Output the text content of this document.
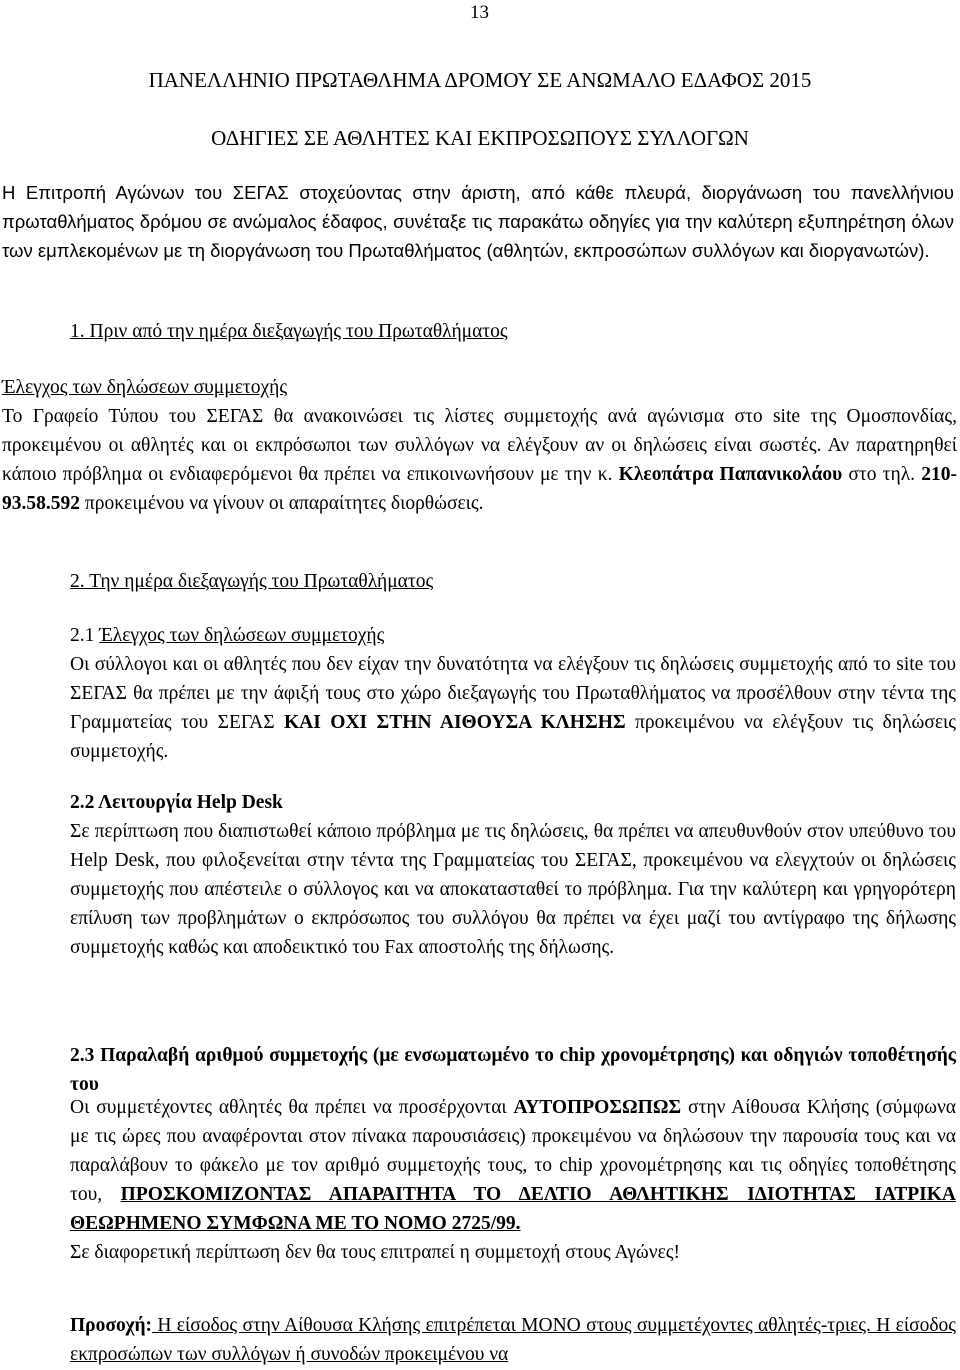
13
ΠΑΝΕΛΛΗΝΙΟ ΠΡΩΤΑΘΛΗΜΑ ΔΡΟΜΟΥ ΣΕ ΑΝΩΜΑΛΟ ΕΔΑΦΟΣ 2015
ΟΔΗΓΙΕΣ ΣΕ ΑΘΛΗΤΕΣ ΚΑΙ ΕΚΠΡΟΣΩΠΟΥΣ ΣΥΛΛΟΓΩΝ

Η Επιτροπή Αγώνων του ΣΕΓΑΣ στοχεύοντας στην άριστη, από κάθε πλευρά, διοργάνωση του πανελλήνιου πρωταθλήματος δρόμου σε ανώμαλος έδαφος, συνέταξε τις παρακάτω οδηγίες για την καλύτερη εξυπηρέτηση όλων των εμπλεκομένων με τη διοργάνωση του Πρωταθλήματος (αθλητών, εκπροσώπων συλλόγων και διοργανωτών).

1. Πριν από την ημέρα διεξαγωγής του Πρωταθλήματος
Έλεγχος των δηλώσεων συμμετοχής

Το Γραφείο Τύπου του ΣΕΓΑΣ θα ανακοινώσει τις λίστες συμμετοχής ανά αγώνισμα στο site της Ομοσπονδίας, προκειμένου οι αθλητές και οι εκπρόσωποι των συλλόγων να ελέγξουν αν οι δηλώσεις είναι σωστές. Αν παρατηρηθεί κάποιο πρόβλημα οι ενδιαφερόμενοι θα πρέπει να επικοινωνήσουν με την κ. Κλεοπάτρα Παπανικολάου στο τηλ. 210-93.58.592 προκειμένου να γίνουν οι απαραίτητες διορθώσεις.

2. Την ημέρα διεξαγωγής του Πρωταθλήματος
2.1 Έλεγχος των δηλώσεων συμμετοχής

Οι σύλλογοι και οι αθλητές που δεν είχαν την δυνατότητα να ελέγξουν τις δηλώσεις συμμετοχής από το site του ΣΕΓΑΣ θα πρέπει με την άφιξή τους στο χώρο διεξαγωγής του Πρωταθλήματος να προσέλθουν στην τέντα της Γραμματείας του ΣΕΓΑΣ ΚΑΙ ΟΧΙ ΣΤΗΝ ΑΙΘΟΥΣΑ ΚΛΗΣΗΣ προκειμένου να ελέγξουν τις δηλώσεις συμμετοχής.

2.2 Λειτουργία Help Desk

Σε περίπτωση που διαπιστωθεί κάποιο πρόβλημα με τις δηλώσεις, θα πρέπει να απευθυνθούν στον υπεύθυνο του Help Desk, που φιλοξενείται στην τέντα της Γραμματείας του ΣΕΓΑΣ, προκειμένου να ελεγχτούν οι δηλώσεις συμμετοχής που απέστειλε ο σύλλογος και να αποκατασταθεί το πρόβλημα. Για την καλύτερη και γρηγορότερη επίλυση των προβλημάτων ο εκπρόσωπος του συλλόγου θα πρέπει να έχει μαζί του αντίγραφο της δήλωσης συμμετοχής καθώς και αποδεικτικό του Fax αποστολής της δήλωσης.

2.3 Παραλαβή αριθμού συμμετοχής (με ενσωματωμένο το chip χρονομέτρησης) και οδηγιών τοποθέτησής του

Οι συμμετέχοντες αθλητές θα πρέπει να προσέρχονται ΑΥΤΟΠΡΟΣΩΠΩΣ στην Αίθουσα Κλήσης (σύμφωνα με τις ώρες που αναφέρονται στον πίνακα παρουσιάσεις) προκειμένου να δηλώσουν την παρουσία τους και να παραλάβουν το φάκελο με τον αριθμό συμμετοχής τους, το chip χρονομέτρησης και τις οδηγίες τοποθέτησης του, ΠΡΟΣΚΟΜΙΖΟΝΤΑΣ ΑΠΑΡΑΙΤΗΤΑ ΤΟ ΔΕΛΤΙΟ ΑΘΛΗΤΙΚΗΣ ΙΔΙΟΤΗΤΑΣ ΙΑΤΡΙΚΑ ΘΕΩΡΗΜΕΝΟ ΣΥΜΦΩΝΑ ΜΕ ΤΟ ΝΟΜΟ 2725/99.
Σε διαφορετική περίπτωση δεν θα τους επιτραπεί η συμμετοχή στους Αγώνες!

Προσοχή: Η είσοδος στην Αίθουσα Κλήσης επιτρέπεται ΜΟΝΟ στους συμμετέχοντες αθλητές-τριες. Η είσοδος εκπροσώπων των συλλόγων ή συνοδών προκειμένου να
